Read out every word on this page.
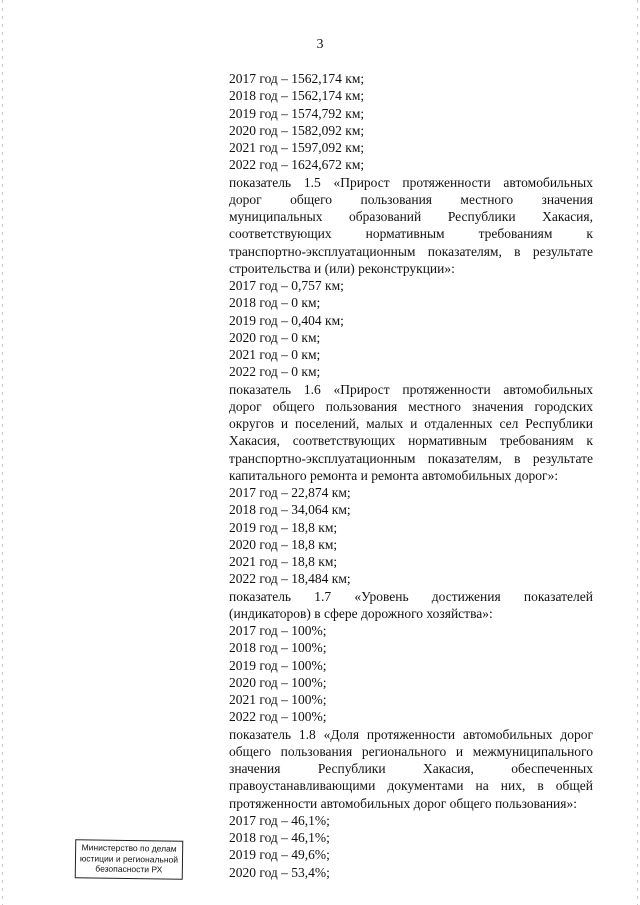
3
2017 год – 1562,174 км;
2018 год – 1562,174 км;
2019 год – 1574,792 км;
2020 год – 1582,092 км;
2021 год – 1597,092 км;
2022 год – 1624,672 км;
показатель 1.5 «Прирост протяженности автомобильных
дорог общего пользования местного значения
муниципальных образований Республики Хакасия,
соответствующих нормативным требованиям к
транспортно-эксплуатационным показателям, в результате
строительства и (или) реконструкции»:
2017 год – 0,757 км;
2018 год – 0 км;
2019 год – 0,404 км;
2020 год – 0 км;
2021 год – 0 км;
2022 год – 0 км;
показатель 1.6 «Прирост протяженности автомобильных
дорог общего пользования местного значения городских
округов и поселений, малых и отдаленных сел Республики
Хакасия, соответствующих нормативным требованиям к
транспортно-эксплуатационным показателям, в результате
капитального ремонта и ремонта автомобильных дорог»:
2017 год – 22,874 км;
2018 год – 34,064 км;
2019 год – 18,8 км;
2020 год – 18,8 км;
2021 год – 18,8 км;
2022 год – 18,484 км;
показатель 1.7 «Уровень достижения показателей
(индикаторов) в сфере дорожного хозяйства»:
2017 год – 100%;
2018 год – 100%;
2019 год – 100%;
2020 год – 100%;
2021 год – 100%;
2022 год – 100%;
показатель 1.8 «Доля протяженности автомобильных дорог
общего пользования регионального и межмуниципального
значения Республики Хакасия, обеспеченных
правоустанавливающими документами на них, в общей
протяженности автомобильных дорог общего пользования»:
2017 год – 46,1%;
2018 год – 46,1%;
2019 год – 49,6%;
2020 год – 53,4%;
Министерство по делам
юстиции и региональной
безопасности РХ
